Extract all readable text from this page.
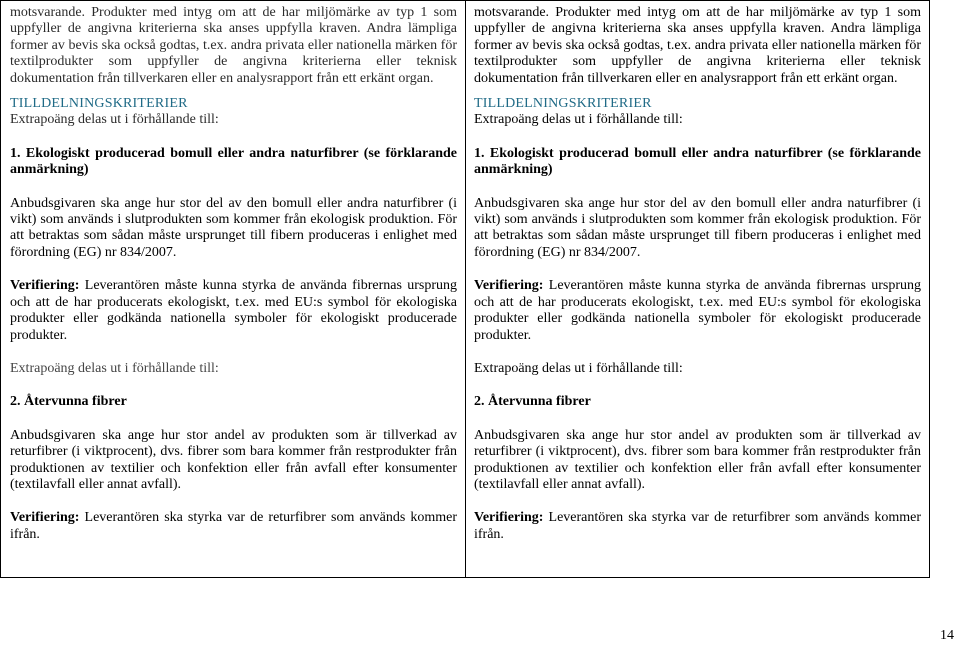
motsvarande. Produkter med intyg om att de har miljömärke av typ 1 som uppfyller de angivna kriterierna ska anses uppfylla kraven. Andra lämpliga former av bevis ska också godtas, t.ex. andra privata eller nationella märken för textilprodukter som uppfyller de angivna kriterierna eller teknisk dokumentation från tillverkaren eller en analysrapport från ett erkänt organ.

TILLDELNINGSKRITERIER

Extrapoäng delas ut i förhållande till:

1. Ekologiskt producerad bomull eller andra naturfibrer (se förklarande anmärkning)

Anbudsgivaren ska ange hur stor del av den bomull eller andra naturfibrer (i vikt) som används i slutprodukten som kommer från ekologisk produktion. För att betraktas som sådan måste ursprunget till fibern produceras i enlighet med förordning (EG) nr 834/2007.

Verifiering: Leverantören måste kunna styrka de använda fibrernas ursprung och att de har producerats ekologiskt, t.ex. med EU:s symbol för ekologiska produkter eller godkända nationella symboler för ekologiskt producerade produkter.

Extrapoäng delas ut i förhållande till:

2. Återvunna fibrer

Anbudsgivaren ska ange hur stor andel av produkten som är tillverkad av returfibrer (i viktprocent), dvs. fibrer som bara kommer från restprodukter från produktionen av textilier och konfektion eller från avfall efter konsumenter (textilavfall eller annat avfall).

Verifiering: Leverantören ska styrka var de returfibrer som används kommer ifrån.

motsvarande. Produkter med intyg om att de har miljömärke av typ 1 som uppfyller de angivna kriterierna ska anses uppfylla kraven. Andra lämpliga former av bevis ska också godtas, t.ex. andra privata eller nationella märken för textilprodukter som uppfyller de angivna kriterierna eller teknisk dokumentation från tillverkaren eller en analysrapport från ett erkänt organ.

TILLDELNINGSKRITERIER

Extrapoäng delas ut i förhållande till:

1. Ekologiskt producerad bomull eller andra naturfibrer (se förklarande anmärkning)

Anbudsgivaren ska ange hur stor del av den bomull eller andra naturfibrer (i vikt) som används i slutprodukten som kommer från ekologisk produktion. För att betraktas som sådan måste ursprunget till fibern produceras i enlighet med förordning (EG) nr 834/2007.

Verifiering: Leverantören måste kunna styrka de använda fibrernas ursprung och att de har producerats ekologiskt, t.ex. med EU:s symbol för ekologiska produkter eller godkända nationella symboler för ekologiskt producerade produkter.

Extrapoäng delas ut i förhållande till:

2. Återvunna fibrer

Anbudsgivaren ska ange hur stor andel av produkten som är tillverkad av returfibrer (i viktprocent), dvs. fibrer som bara kommer från restprodukter från produktionen av textilier och konfektion eller från avfall efter konsumenter (textilavfall eller annat avfall).

Verifiering: Leverantören ska styrka var de returfibrer som används kommer ifrån.

14
